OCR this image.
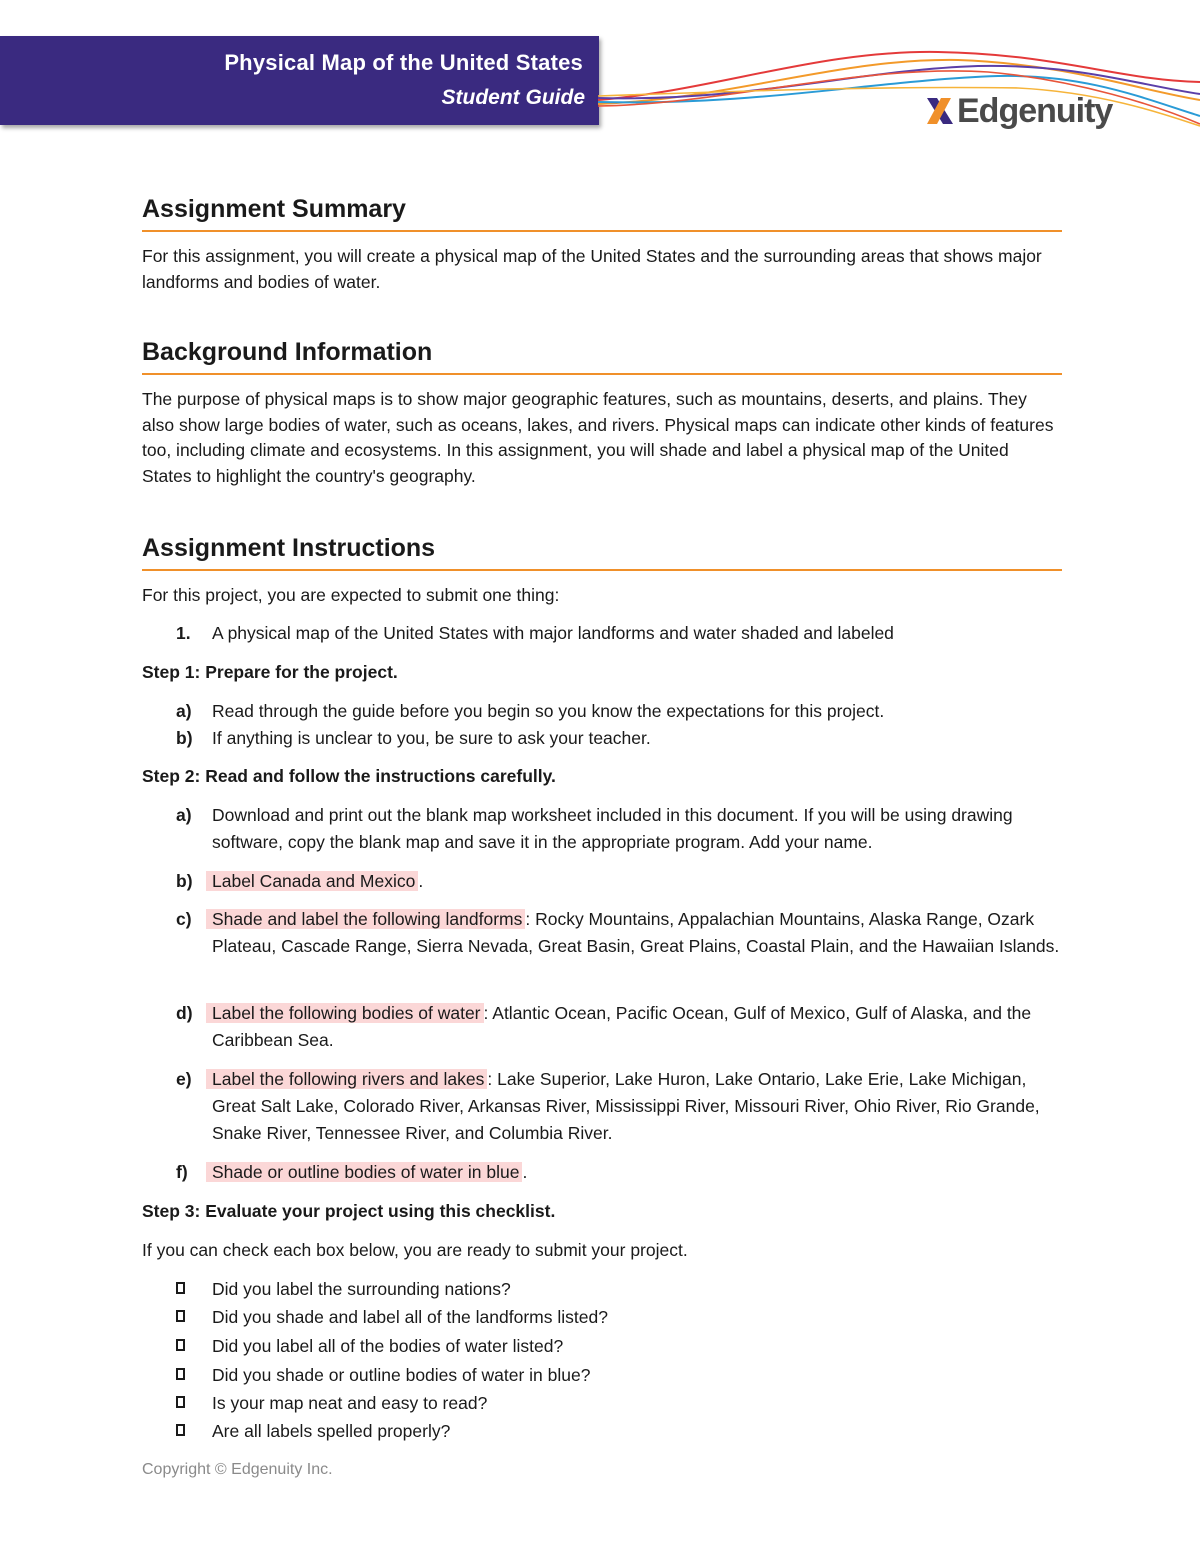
Physical Map of the United States
Student Guide	Edgenuity
Assignment Summary

For this assignment, you will create a physical map of the United States and the surrounding areas that shows major landforms and bodies of water.

Background Information

The purpose of physical maps is to show major geographic features, such as mountains, deserts, and plains. They also show large bodies of water, such as oceans, lakes, and rivers. Physical maps can indicate other kinds of features too, including climate and ecosystems. In this assignment, you will shade and label a physical map of the United States to highlight the country's geography.

Assignment Instructions
For this project, you are expected to submit one thing:
1. A physical map of the United States with major landforms and water shaded and labeled
Step 1: Prepare for the project.
a) Read through the guide before you begin so you know the expectations for this project.
b) If anything is unclear to you, be sure to ask your teacher.
Step 2: Read and follow the instructions carefully.
a) Download and print out the blank map worksheet included in this document. If you will be using drawing software, copy the blank map and save it in the appropriate program. Add your name.
b) Label Canada and Mexico .
c) Shade and label the following landforms : Rocky Mountains, Appalachian Mountains, Alaska Range, Ozark Plateau, Cascade Range, Sierra Nevada, Great Basin, Great Plains, Coastal Plain, and the Hawaiian Islands.
d) Label the following bodies of water : Atlantic Ocean, Pacific Ocean, Gulf of Mexico, Gulf of Alaska, and the Caribbean Sea.
e) Label the following rivers and lakes : Lake Superior, Lake Huron, Lake Ontario, Lake Erie, Lake Michigan, Great Salt Lake, Colorado River, Arkansas River, Mississippi River, Missouri River, Ohio River, Rio Grande, Snake River, Tennessee River, and Columbia River.
f) Shade or outline bodies of water in blue .
Step 3: Evaluate your project using this checklist.
If you can check each box below, you are ready to submit your project.
Did you label the surrounding nations?
Did you shade and label all of the landforms listed?
Did you label all of the bodies of water listed?
Did you shade or outline bodies of water in blue?
Is your map neat and easy to read?
Are all labels spelled properly?
Copyright © Edgenuity Inc.
